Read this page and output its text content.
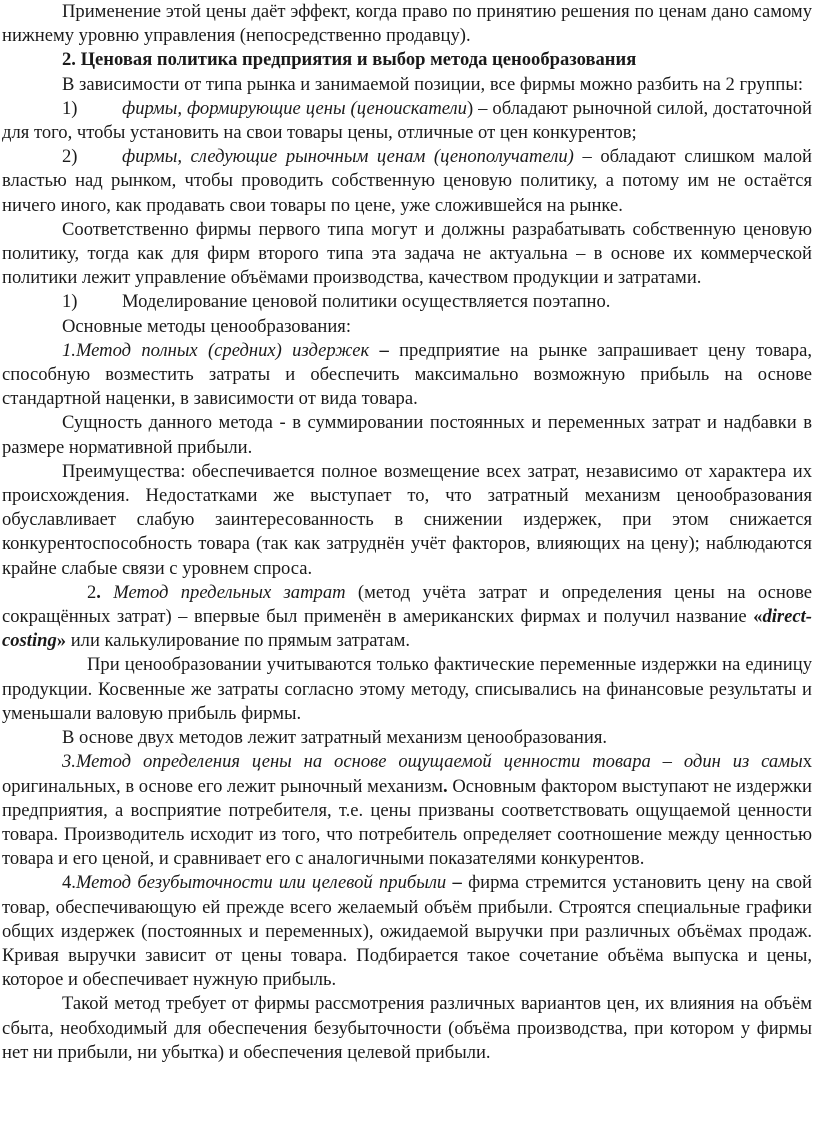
Применение этой цены даёт эффект, когда право по принятию решения по ценам дано самому нижнему уровню управления (непосредственно продавцу).

2. Ценовая политика предприятия и выбор метода ценообразования

В зависимости от типа рынка и занимаемой позиции, все фирмы можно разбить на 2 группы:

1) фирмы, формирующие цены (ценоискатели) – обладают рыночной силой, достаточной для того, чтобы установить на свои товары цены, отличные от цен конкурентов;

2) фирмы, следующие рыночным ценам (ценополучатели) – обладают слишком малой властью над рынком, чтобы проводить собственную ценовую политику, а потому им не остаётся ничего иного, как продавать свои товары по цене, уже сложившейся на рынке.

Соответственно фирмы первого типа могут и должны разрабатывать собственную ценовую политику, тогда как для фирм второго типа эта задача не актуальна – в основе их коммерческой политики лежит управление объёмами производства, качеством продукции и затратами.

1) Моделирование ценовой политики осуществляется поэтапно.

Основные методы ценообразования:

1.Метод полных (средних) издержек – предприятие на рынке запрашивает цену товара, способную возместить затраты и обеспечить максимально возможную прибыль на основе стандартной наценки, в зависимости от вида товара.

Сущность данного метода - в суммировании постоянных и переменных затрат и надбавки в размере нормативной прибыли.

Преимущества: обеспечивается полное возмещение всех затрат, независимо от характера их происхождения. Недостатками же выступает то, что затратный механизм ценообразования обуславливает слабую заинтересованность в снижении издержек, при этом снижается конкурентоспособность товара (так как затруднён учёт факторов, влияющих на цену); наблюдаются крайне слабые связи с уровнем спроса.

2. Метод предельных затрат (метод учёта затрат и определения цены на основе сокращённых затрат) – впервые был применён в американских фирмах и получил название «direct-costing» или калькулирование по прямым затратам.

При ценообразовании учитываются только фактические переменные издержки на единицу продукции. Косвенные же затраты согласно этому методу, списывались на финансовые результаты и уменьшали валовую прибыль фирмы.

В основе двух методов лежит затратный механизм ценообразования.

3.Метод определения цены на основе ощущаемой ценности товара – один из самых оригинальных, в основе его лежит рыночный механизм. Основным фактором выступают не издержки предприятия, а восприятие потребителя, т.е. цены призваны соответствовать ощущаемой ценности товара. Производитель исходит из того, что потребитель определяет соотношение между ценностью товара и его ценой, и сравнивает его с аналогичными показателями конкурентов.

4.Метод безубыточности или целевой прибыли – фирма стремится установить цену на свой товар, обеспечивающую ей прежде всего желаемый объём прибыли. Строятся специальные графики общих издержек (постоянных и переменных), ожидаемой выручки при различных объёмах продаж. Кривая выручки зависит от цены товара. Подбирается такое сочетание объёма выпуска и цены, которое и обеспечивает нужную прибыль.

Такой метод требует от фирмы рассмотрения различных вариантов цен, их влияния на объём сбыта, необходимый для обеспечения безубыточности (объёма производства, при котором у фирмы нет ни прибыли, ни убытка) и обеспечения целевой прибыли.
